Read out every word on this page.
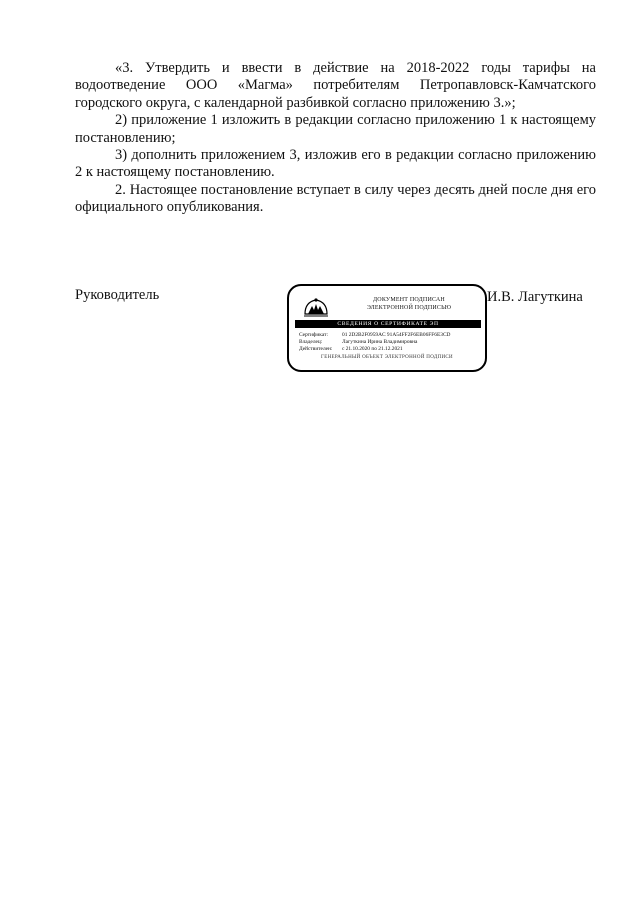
«3. Утвердить и ввести в действие на 2018-2022 годы тарифы на водоотведение ООО «Магма» потребителям Петропавловск-Камчатского городского округа, с календарной разбивкой согласно приложению 3.»;

2) приложение 1 изложить в редакции согласно приложению 1 к настоящему постановлению;

3) дополнить приложением 3, изложив его в редакции согласно приложению 2 к настоящему постановлению.

2. Настоящее постановление вступает в силу через десять дней после дня его официального опубликования.

Руководитель	ДОКУМЕНТ ПОДПИСАН
ЭЛЕКТРОННОЙ ПОДПИСЬЮ
СВЕДЕНИЯ О СЕРТИФИКАТЕ ЭП
Сертификат:	01 2D2B2F0959AC 91A54FF2F6EB06FF6E3CD
Владелец:	Лагуткина Ирина Владимировна
Действителен: с 21.10.2020 по 21.12.2021
ГЕНЕРАЛЬНЫЙ ОБЪЕКТ ЭЛЕКТРОННОЙ ПОДПИСИ
И.В. Лагуткина
